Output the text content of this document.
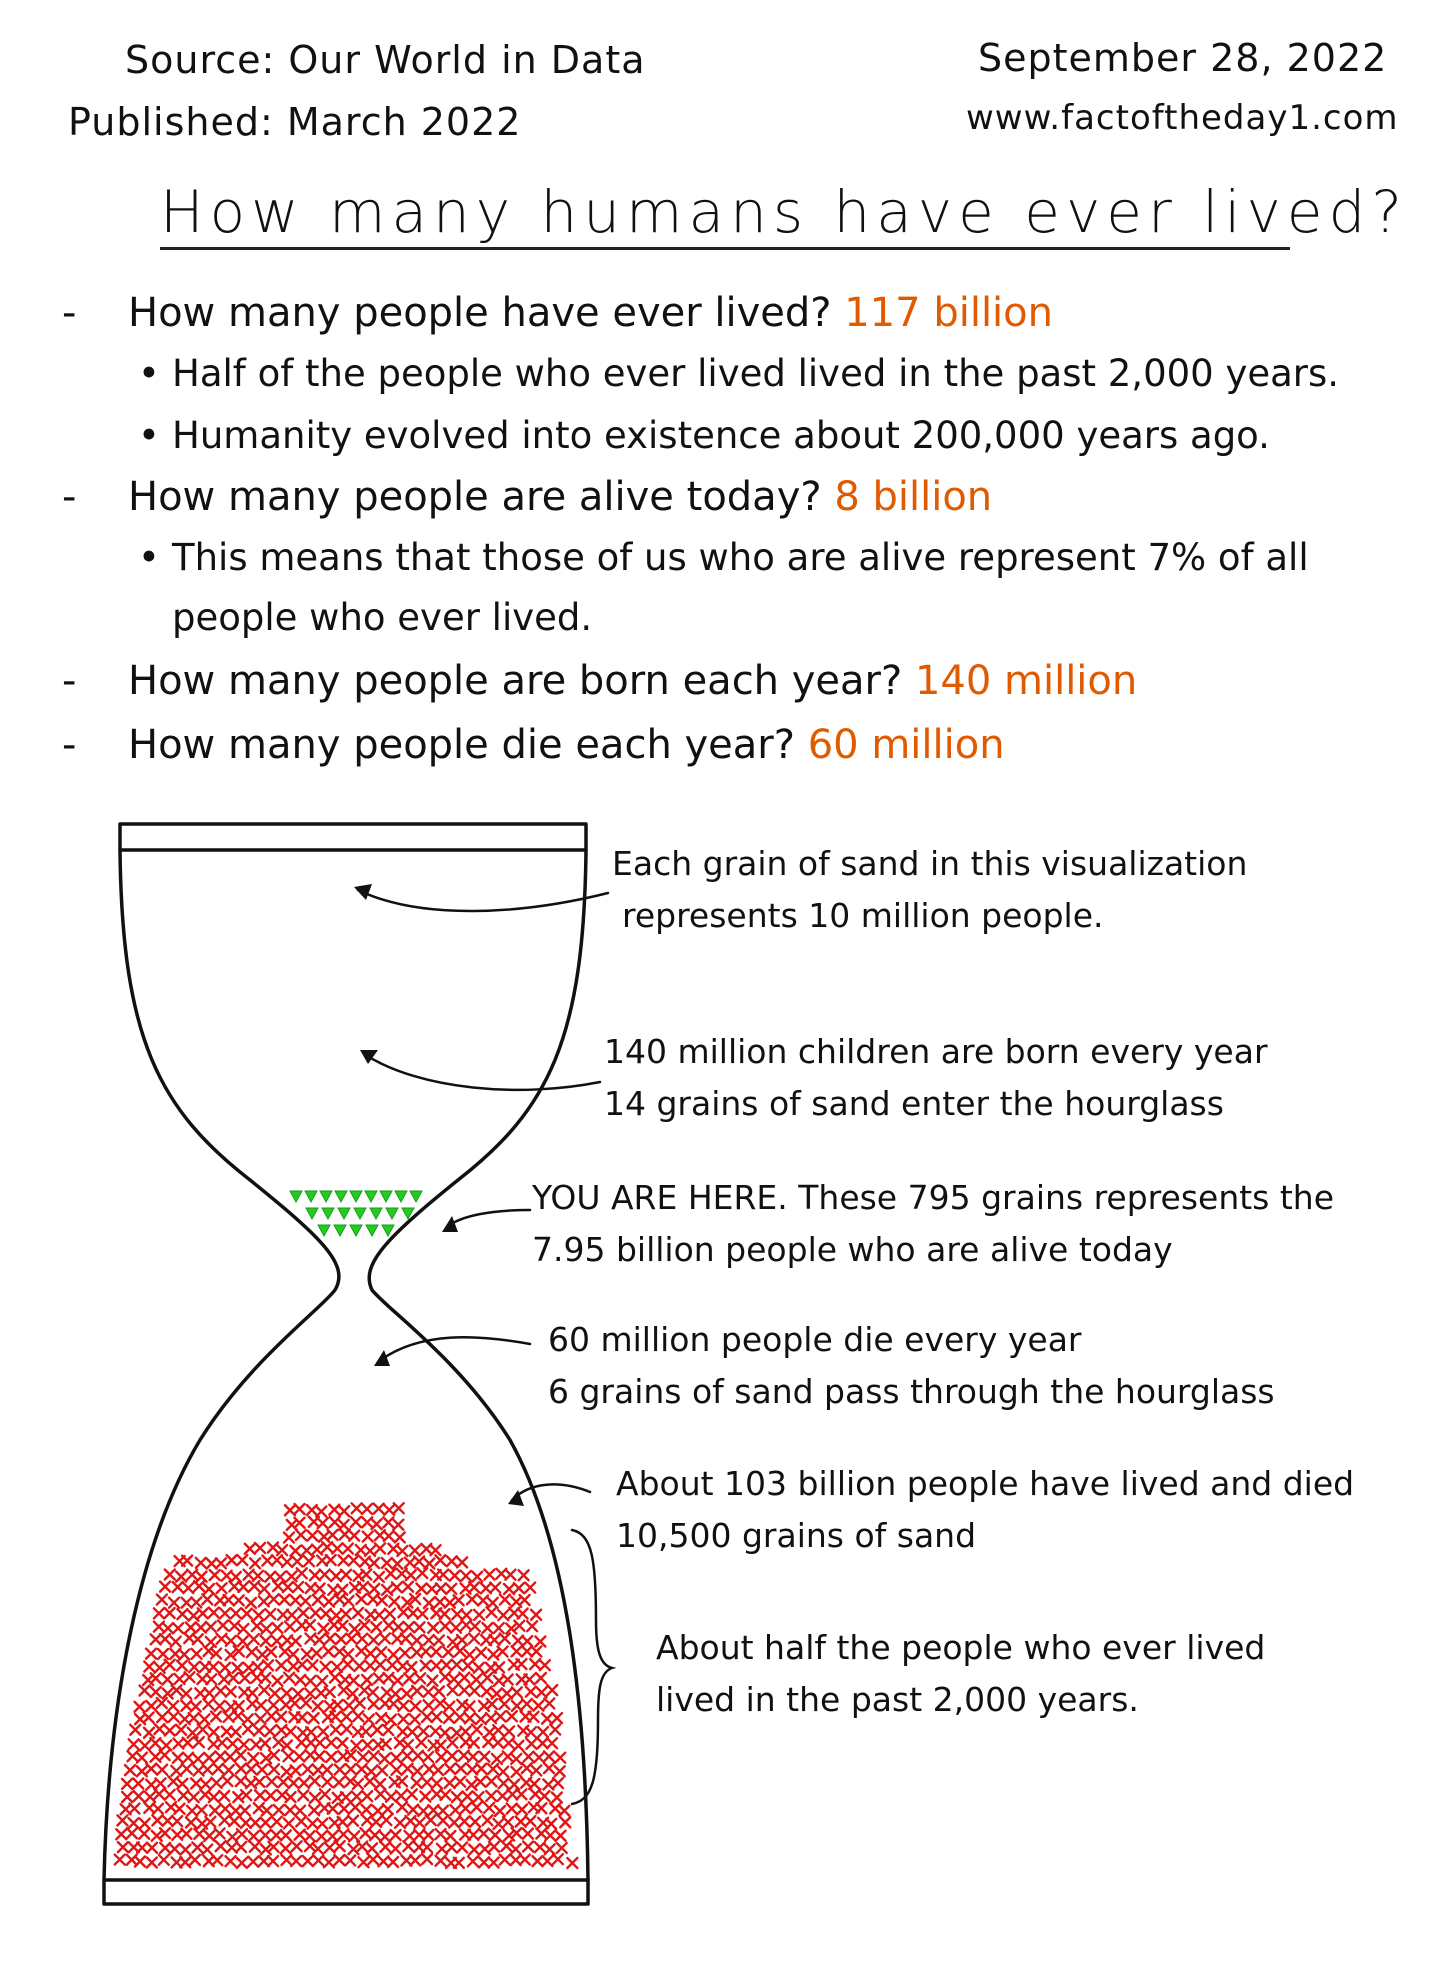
Source: Our World in Data
Published: March 2022
September 28, 2022
www.factoftheday1.com
How many humans have ever lived?
- How many people have ever lived? 117 billion
• Half of the people who ever lived lived in the past 2,000 years.
• Humanity evolved into existence about 200,000 years ago.
- How many people are alive today? 8 billion
• This means that those of us who are alive represent 7% of all
people who ever lived.
- How many people are born each year? 140 million
- How many people die each year? 60 million
Each grain of sand in this visualization
represents 10 million people.
140 million children are born every year
14 grains of sand enter the hourglass
YOU ARE HERE. These 795 grains represents the
7.95 billion people who are alive today
60 million people die every year
6 grains of sand pass through the hourglass
About 103 billion people have lived and died
10,500 grains of sand
About half the people who ever lived
lived in the past 2,000 years.
